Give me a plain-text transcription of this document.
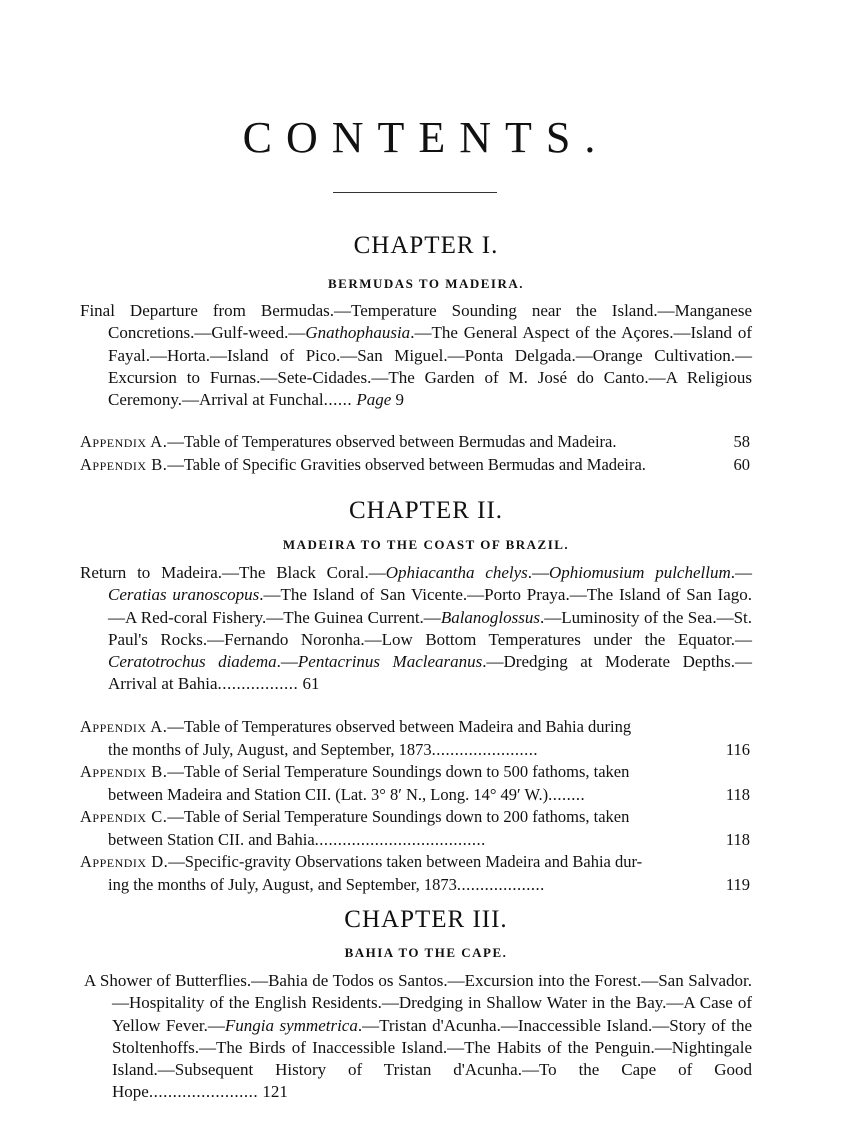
CONTENTS.
CHAPTER I.
BERMUDAS TO MADEIRA.
Final Departure from Bermudas.—Temperature Sounding near the Island.—Manganese Concretions.—Gulf-weed.—Gnathophausia.—The General Aspect of the Açores.—Island of Fayal.—Horta.—Island of Pico.—San Miguel.—Ponta Delgada.—Orange Cultivation.—Excursion to Furnas.—Sete-Cidades.—The Garden of M. José do Canto.—A Religious Ceremony.—Arrival at Funchal...... Page 9
Appendix A.—Table of Temperatures observed between Bermudas and Madeira.	58
Appendix B.—Table of Specific Gravities observed between Bermudas and Madeira.	60
CHAPTER II.
MADEIRA TO THE COAST OF BRAZIL.
Return to Madeira.—The Black Coral.—Ophiacantha chelys.—Ophiomusium pulchellum.—Ceratias uranoscopus.—The Island of San Vicente.—Porto Praya.—The Island of San Iago.—A Red-coral Fishery.—The Guinea Current.—Balanoglossus.—Luminosity of the Sea.—St. Paul's Rocks.—Fernando Noronha.—Low Bottom Temperatures under the Equator.—Ceratotrochus diadema.—Pentacrinus Maclearanus.—Dredging at Moderate Depths.—Arrival at Bahia................. 61
Appendix A.—Table of Temperatures observed between Madeira and Bahia during
the months of July, August, and September, 1873.......................	116
Appendix B.—Table of Serial Temperature Soundings down to 500 fathoms, taken
between Madeira and Station CII. (Lat. 3° 8′ N., Long. 14° 49′ W.)........	118
Appendix C.—Table of Serial Temperature Soundings down to 200 fathoms, taken
between Station CII. and Bahia.....................................	118
Appendix D.—Specific-gravity Observations taken between Madeira and Bahia dur-
ing the months of July, August, and September, 1873...................	119
CHAPTER III.
BAHIA TO THE CAPE.
A Shower of Butterflies.—Bahia de Todos os Santos.—Excursion into the Forest.—San Salvador.—Hospitality of the English Residents.—Dredging in Shallow Water in the Bay.—A Case of Yellow Fever.—Fungia symmetrica.—Tristan d'Acunha.—Inaccessible Island.—Story of the Stoltenhoffs.—The Birds of Inaccessible Island.—The Habits of the Penguin.—Nightingale Island.—Subsequent History of Tristan d'Acunha.—To the Cape of Good Hope....................... 121
